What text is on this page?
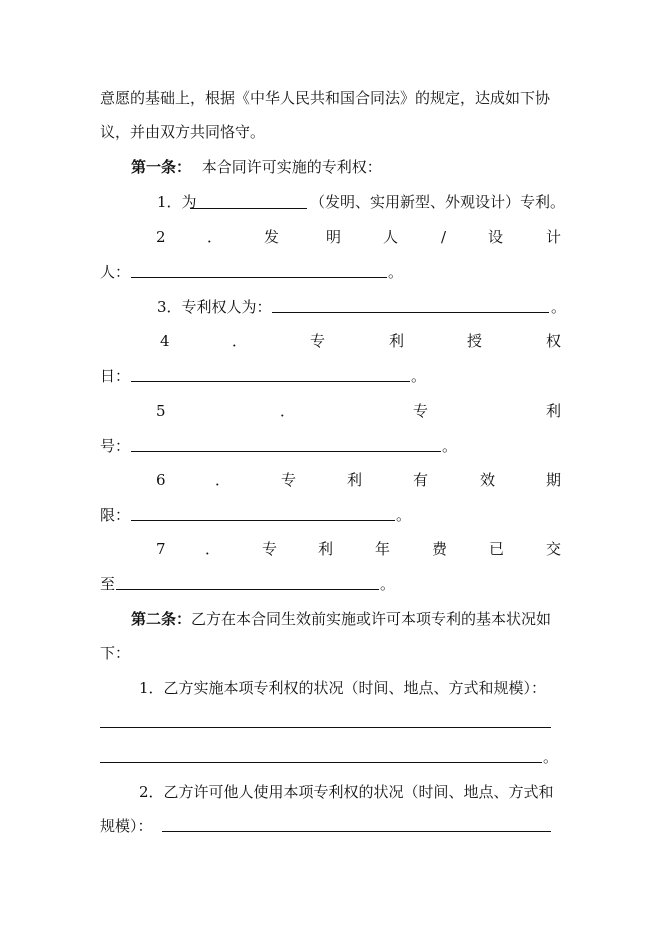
意愿的基础上，根据《中华人民共和国合同法》的规定，达成如下协
议，并由双方共同恪守。
第一条： 本合同许可实施的专利权：
1．为	（发明、实用新型、外观设计）专利。
2	．	发	明	人	/	设	计
人：	。
3．专利权人为：	。
4	．	专	利	授	权
日：	。
5	．	专	利
号：	。
6	．	专	利	有	效	期
限：	。
7	．	专	利	年	费	已	交
至	。
第二条：乙方在本合同生效前实施或许可本项专利的基本状况如
下：
1．乙方实施本项专利权的状况（时间、地点、方式和规模）：
。
2．乙方许可他人使用本项专利权的状况（时间、地点、方式和
规模）：
